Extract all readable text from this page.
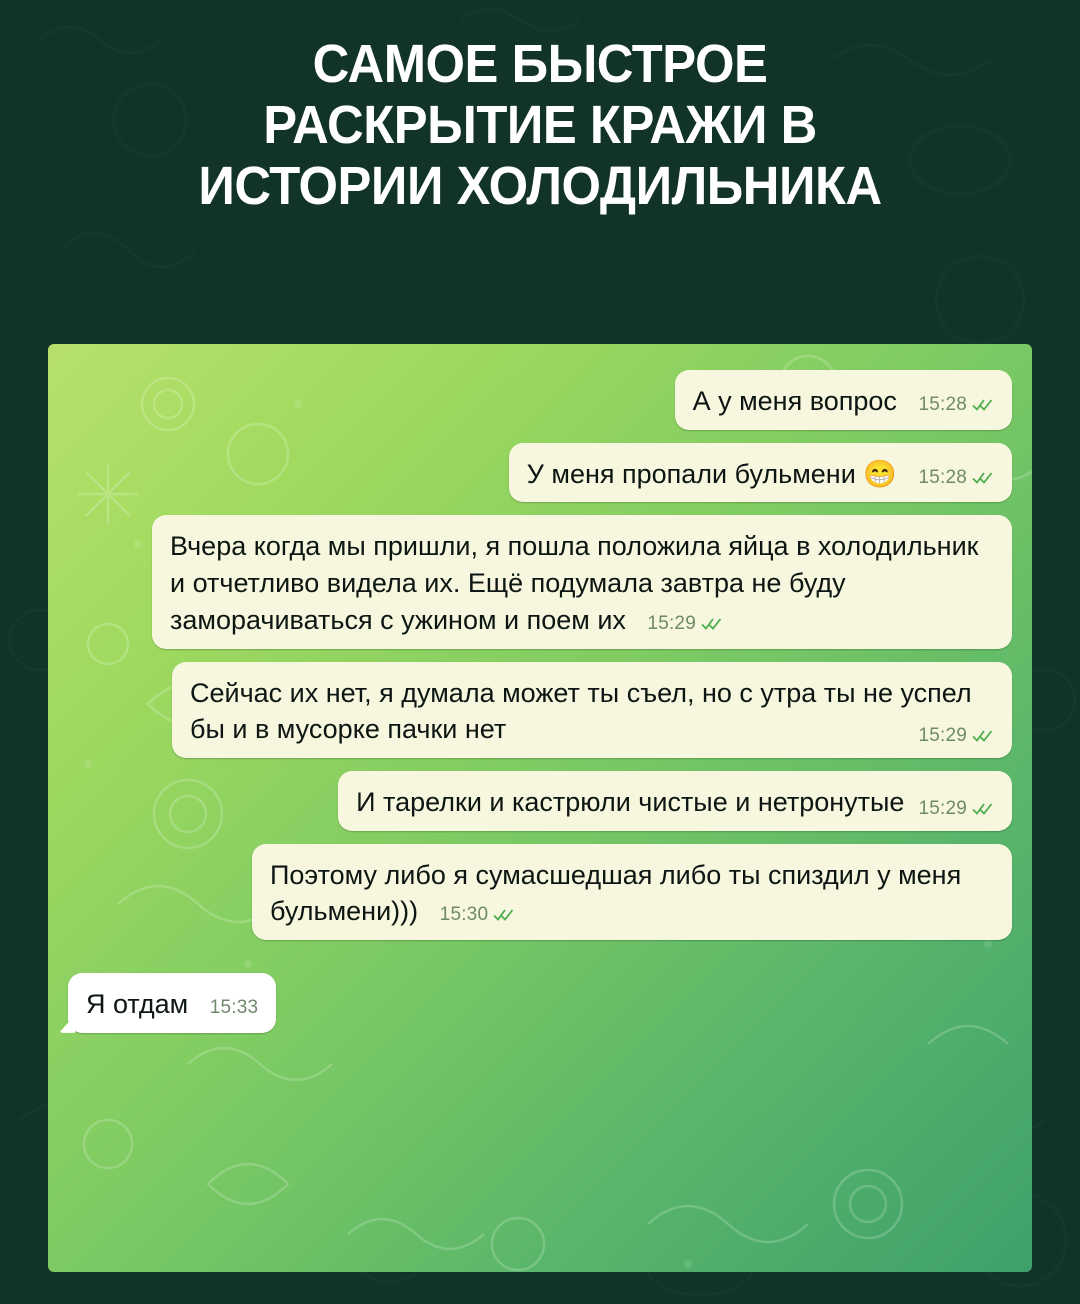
САМОЕ БЫСТРОЕ
РАСКРЫТИЕ КРАЖИ В
ИСТОРИИ ХОЛОДИЛЬНИКА
А у меня вопрос 15:28
У меня пропали бульмени 😁 15:28
Вчера когда мы пришли, я пошла положила яйца в холодильник и отчетливо видела их. Ещё подумала завтра не буду заморачиваться с ужином и поем их 15:29
Сейчас их нет, я думала может ты съел, но с утра ты не успел бы и в мусорке пачки нет	15:29
И тарелки и кастрюли чистые и нетронутые 15:29
Поэтому либо я сумасшедшая либо ты спиздил у меня бульмени))) 15:30
Я отдам 15:33
